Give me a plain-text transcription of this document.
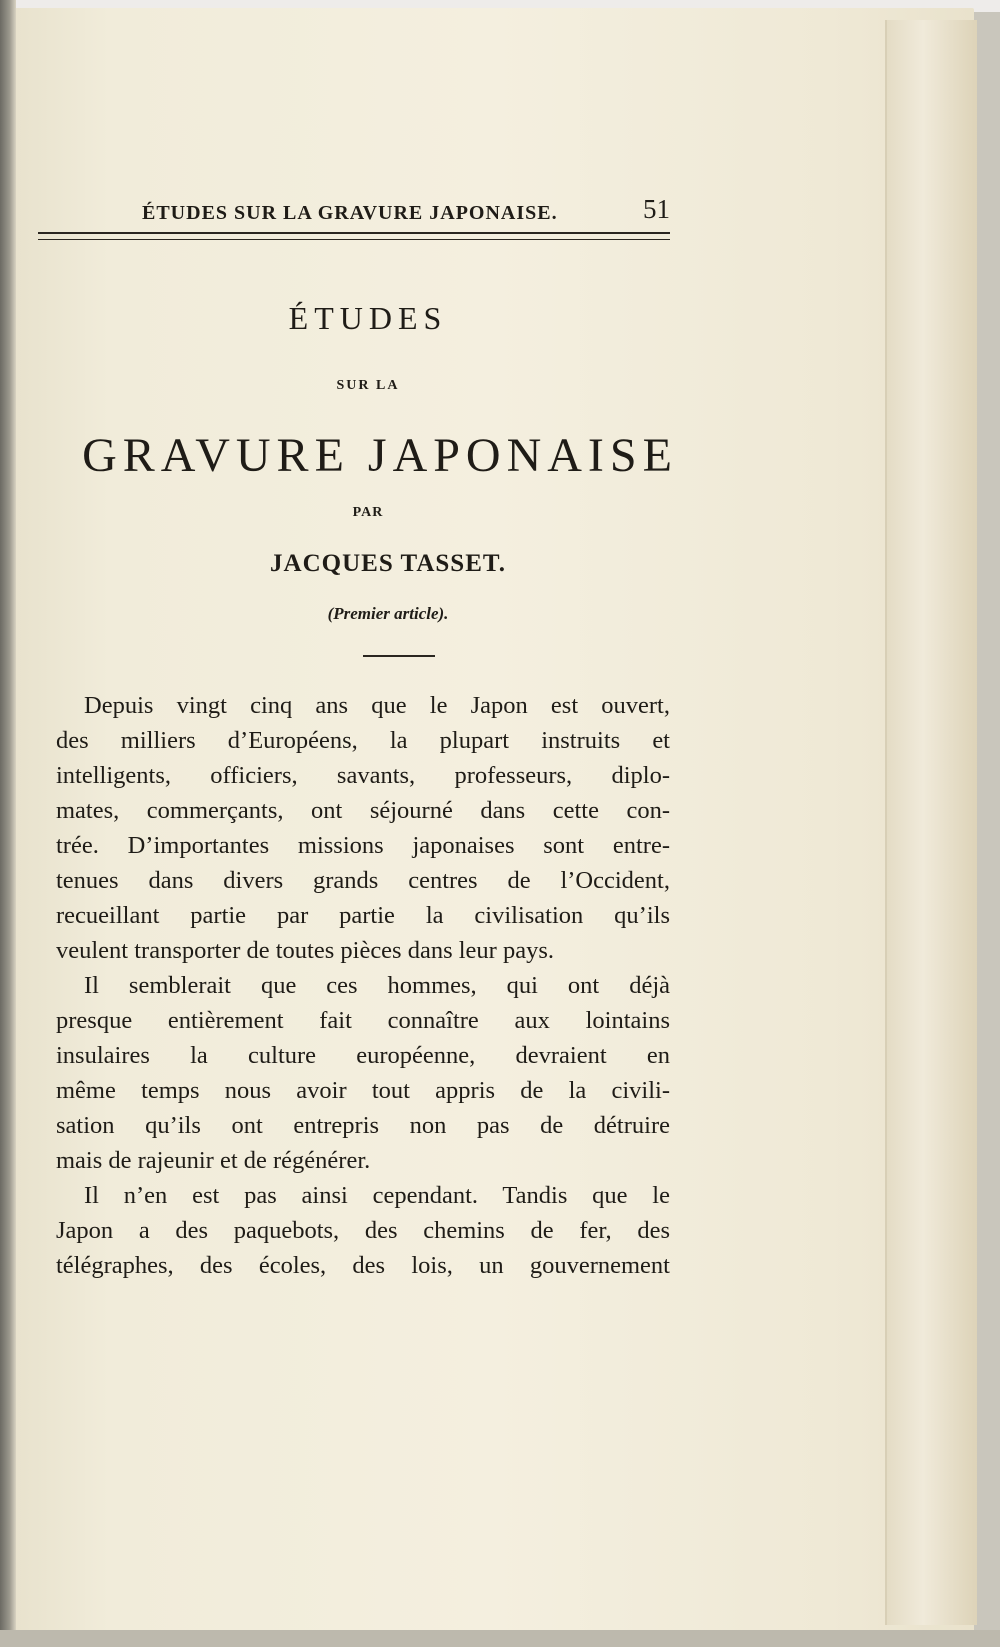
ÉTUDES SUR LA GRAVURE JAPONAISE.	51
ÉTUDES
SUR LA
GRAVURE JAPONAISE
PAR
JACQUES TASSET.
(Premier article).
Depuis vingt cinq ans que le Japon est ouvert,
des milliers d’Européens, la plupart instruits et
intelligents, officiers, savants, professeurs, diplo-
mates, commerçants, ont séjourné dans cette con-
trée. D’importantes missions japonaises sont entre-
tenues dans divers grands centres de l’Occident,
recueillant partie par partie la civilisation qu’ils
veulent transporter de toutes pièces dans leur pays.
Il semblerait que ces hommes, qui ont déjà
presque entièrement fait connaître aux lointains
insulaires la culture européenne, devraient en
même temps nous avoir tout appris de la civili-
sation qu’ils ont entrepris non pas de détruire
mais de rajeunir et de régénérer.
Il n’en est pas ainsi cependant. Tandis que le
Japon a des paquebots, des chemins de fer, des
télégraphes, des écoles, des lois, un gouvernement
